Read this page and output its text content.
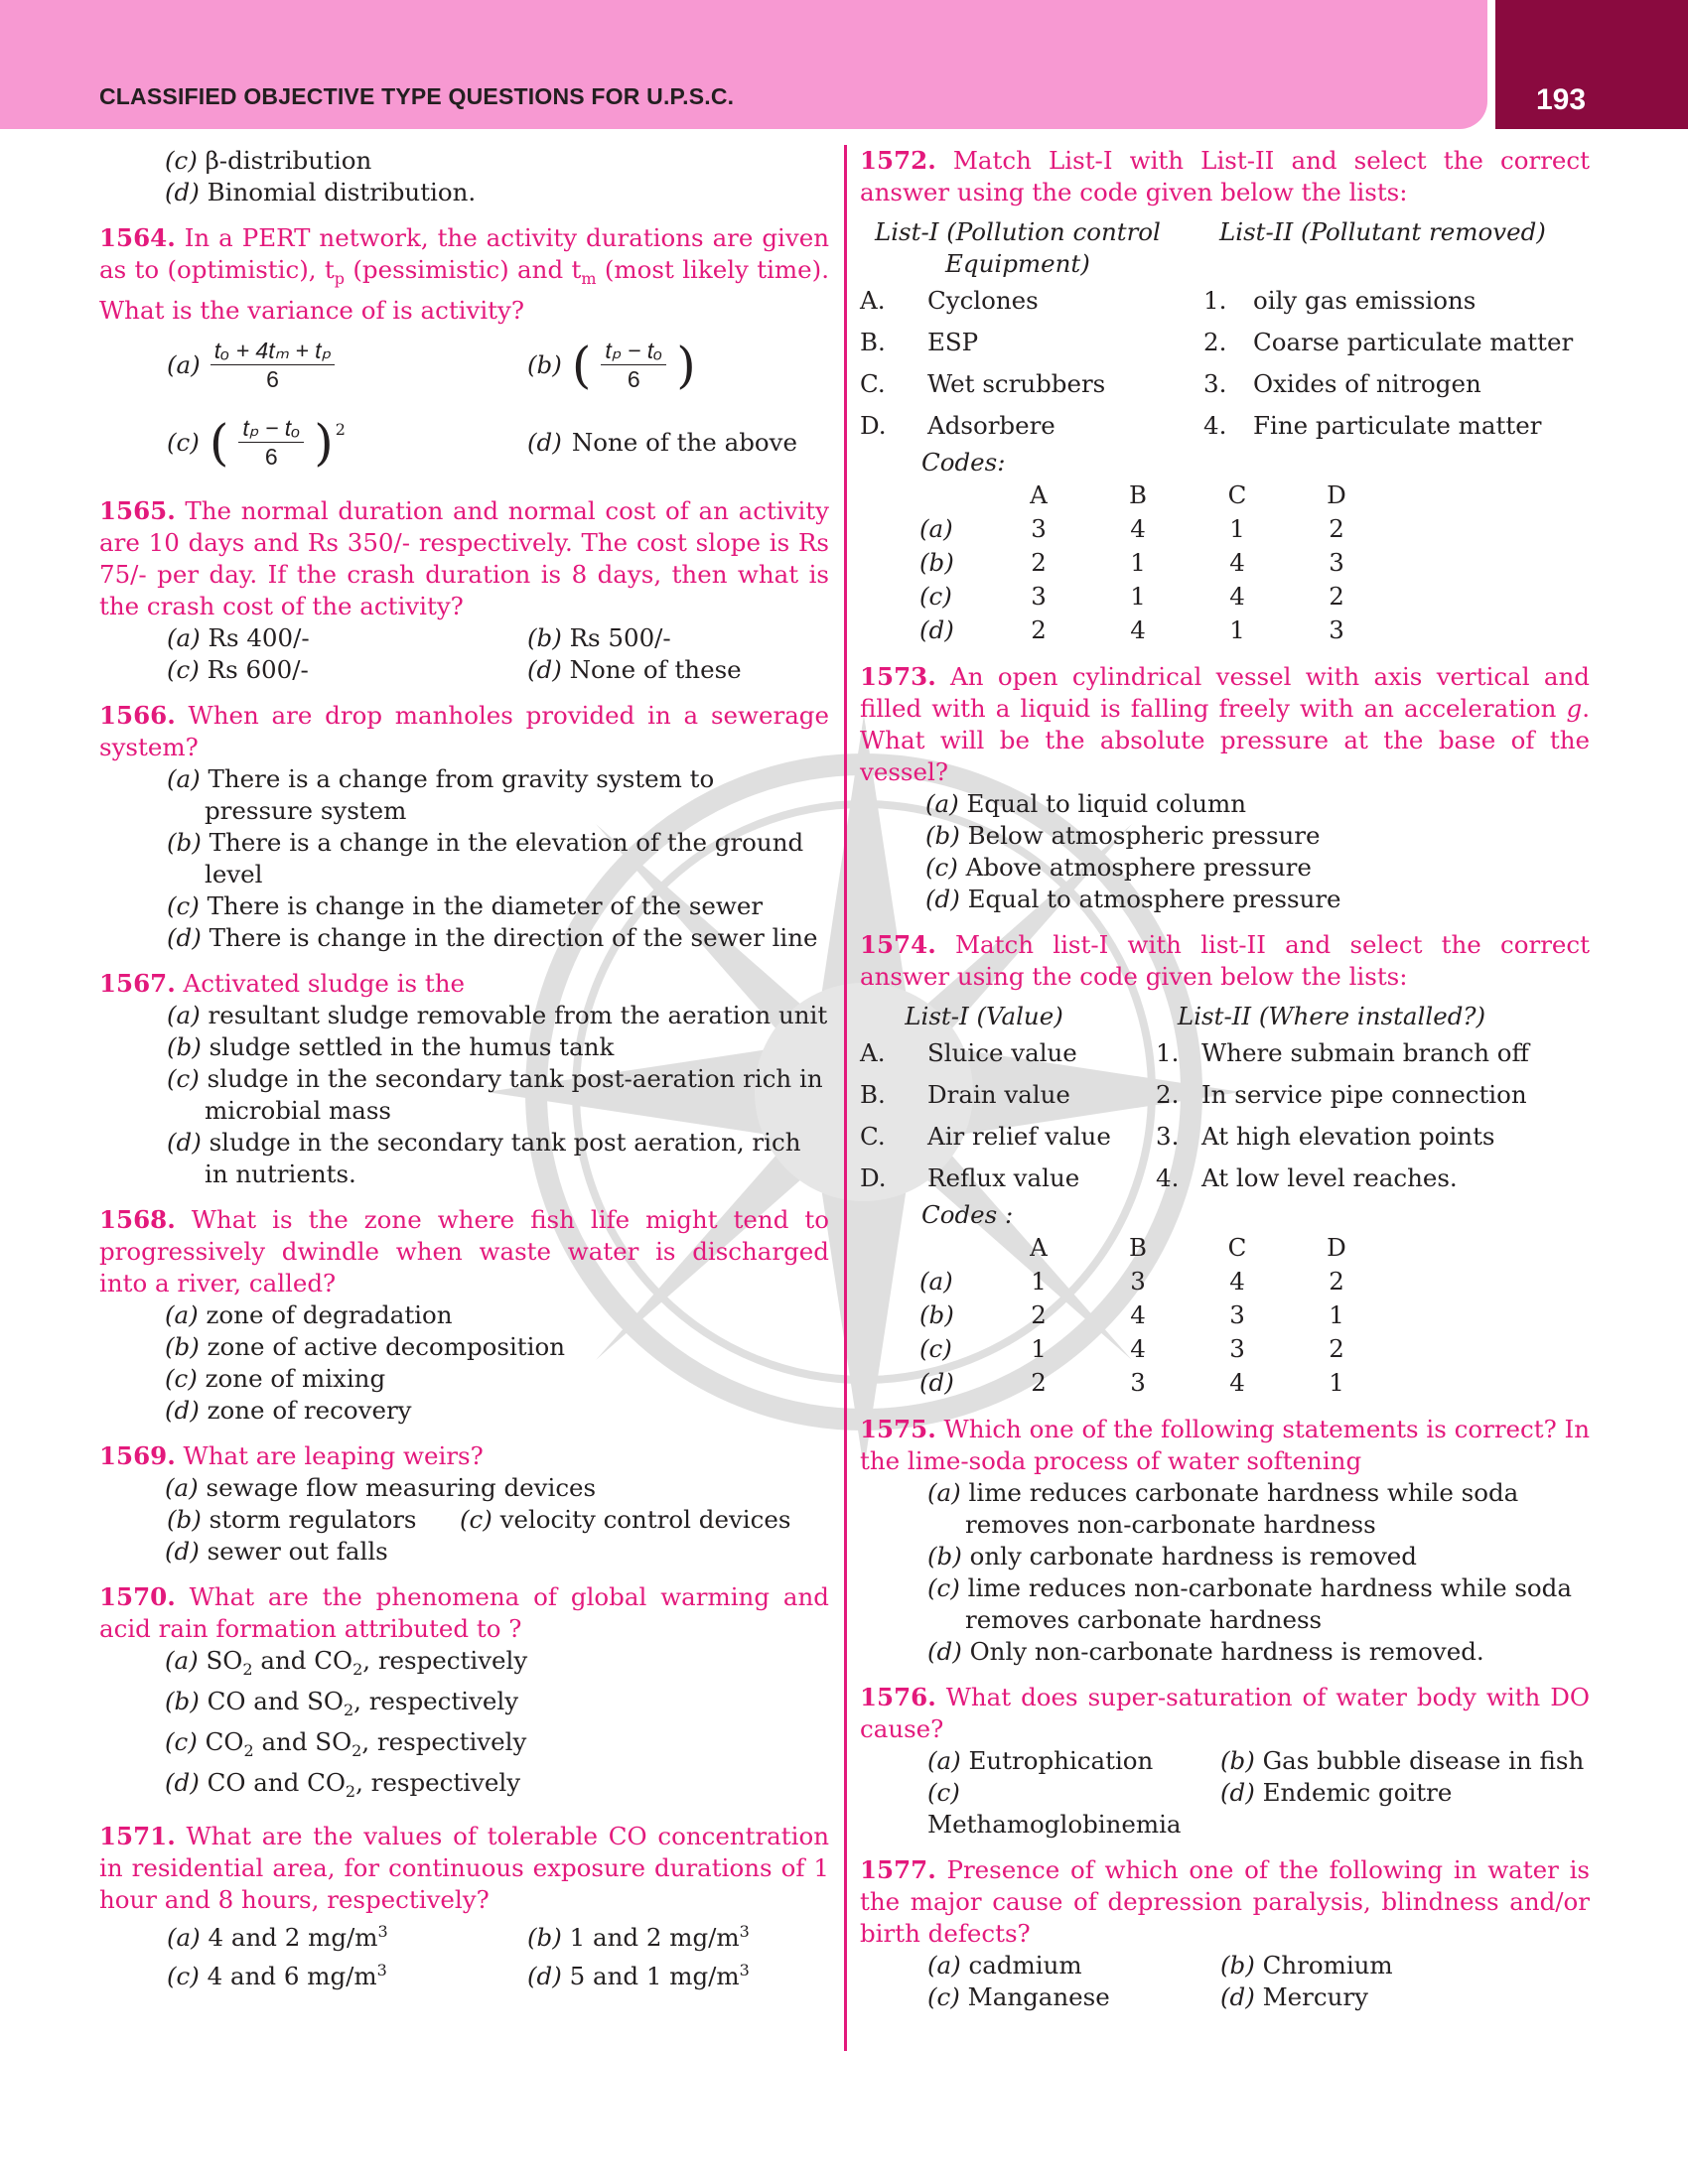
CLASSIFIED OBJECTIVE TYPE QUESTIONS FOR U.P.S.C.	193
(c) β-distribution
(d) Binomial distribution.
1564. In a PERT network, the activity durations are given as to (optimistic), $t_p$ (pessimistic) and $t_m$ (most likely time). What is the variance of is activity?
$(a) \frac{\text{tₒ + 4tₘ + tₚ}}{6}$	(b) ( $\frac{\text{tₚ − tₒ}}{6}$ )
(c) ( $\frac{\text{tₚ − tₒ}}{6} )^2$	(d) None of the above
1565. The normal duration and normal cost of an activity are 10 days and Rs 350/- respectively. The cost slope is Rs 75/- per day. If the crash duration is 8 days, then what is the crash cost of the activity?
(a) Rs 400/-	(b) Rs 500/-
(c) Rs 600/-	(d) None of these
1566. When are drop manholes provided in a sewerage system?
(a) There is a change from gravity system to pressure system
(b) There is a change in the elevation of the ground level
(c) There is change in the diameter of the sewer
(d) There is change in the direction of the sewer line
1567. Activated sludge is the
(a) resultant sludge removable from the aeration unit
(b) sludge settled in the humus tank
(c) sludge in the secondary tank post-aeration rich in microbial mass
(d) sludge in the secondary tank post aeration, rich in nutrients.
1568. What is the zone where fish life might tend to progressively dwindle when waste water is discharged into a river, called?
(a) zone of degradation
(b) zone of active decomposition
(c) zone of mixing
(d) zone of recovery
1569. What are leaping weirs?
(a) sewage flow measuring devices
(b) storm regulators	(c) velocity control devices
(d) sewer out falls
1570. What are the phenomena of global warming and acid rain formation attributed to ?
(a) $SO_2$ and $CO_2$, respectively
(b) CO and $SO_2$, respectively
(c) $CO_2$ and $SO_2$, respectively
(d) CO and $CO_2$, respectively
1571. What are the values of tolerable CO concentration in residential area, for continuous exposure durations of 1 hour and 8 hours, respectively?
(a) 4 and 2 $mg/m^3$	(b) 1 and 2 $mg/m^3$
(c) 4 and 6 $mg/m^3$	(d) 5 and 1 $mg/m^3$
1572. Match List-I with List-II and select the correct answer using the code given below the lists:
List-I (Pollution control Equipment)
List-II (Pollutant removed)
A.	Cyclones	1.	oily gas emissions
B.	ESP	2.	Coarse particulate matter
C.	Wet scrubbers	3.	Oxides of nitrogen
D.	Adsorbere	4.	Fine particulate matter
Codes:
	A	B	C	D
(a)	3	4	1	2
(b)	2	1	4	3
(c)	3	1	4	2
(d)	2	4	1	3
1573. An open cylindrical vessel with axis vertical and filled with a liquid is falling freely with an acceleration g. What will be the absolute pressure at the base of the vessel?
(a) Equal to liquid column
(b) Below atmospheric pressure
(c) Above atmosphere pressure
(d) Equal to atmosphere pressure
1574. Match list-I with list-II and select the correct answer using the code given below the lists:
List-I (Value)	List-II (Where installed?)
A.	Sluice value	1.	Where submain branch off
B.	Drain value	2.	In service pipe connection
C.	Air relief value	3.	At high elevation points
D.	Reflux value	4.	At low level reaches.
Codes :
	A	B	C	D
(a)	1	3	4	2
(b)	2	4	3	1
(c)	1	4	3	2
(d)	2	3	4	1
1575. Which one of the following statements is correct? In the lime-soda process of water softening
(a) lime reduces carbonate hardness while soda removes non-carbonate hardness
(b) only carbonate hardness is removed
(c) lime reduces non-carbonate hardness while soda removes carbonate hardness
(d) Only non-carbonate hardness is removed.
1576. What does super-saturation of water body with DO cause?
(a) Eutrophication	(b) Gas bubble disease in fish
(c) Methamoglobinemia
(d) Endemic goitre
1577. Presence of which one of the following in water is the major cause of depression paralysis, blindness and/or birth defects?
(a) cadmium	(b) Chromium
(c) Manganese	(d) Mercury
